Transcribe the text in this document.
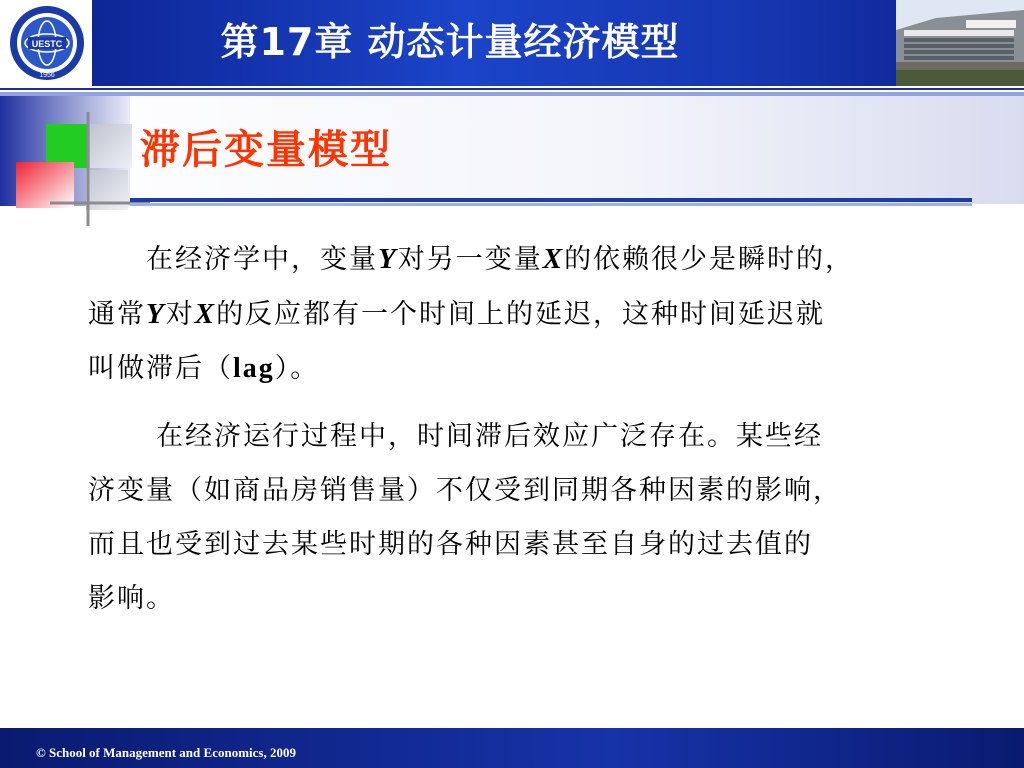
UESTC
1956
第17章 动态计量经济模型
滞后变量模型
在经济学中，变量Y对另一变量X的依赖很少是瞬时的，
通常Y对X的反应都有一个时间上的延迟，这种时间延迟就
叫做滞后（lag）。
在经济运行过程中，时间滞后效应广泛存在。某些经
济变量（如商品房销售量）不仅受到同期各种因素的影响，
而且也受到过去某些时期的各种因素甚至自身的过去值的
影响。
© School of Management and Economics, 2009
